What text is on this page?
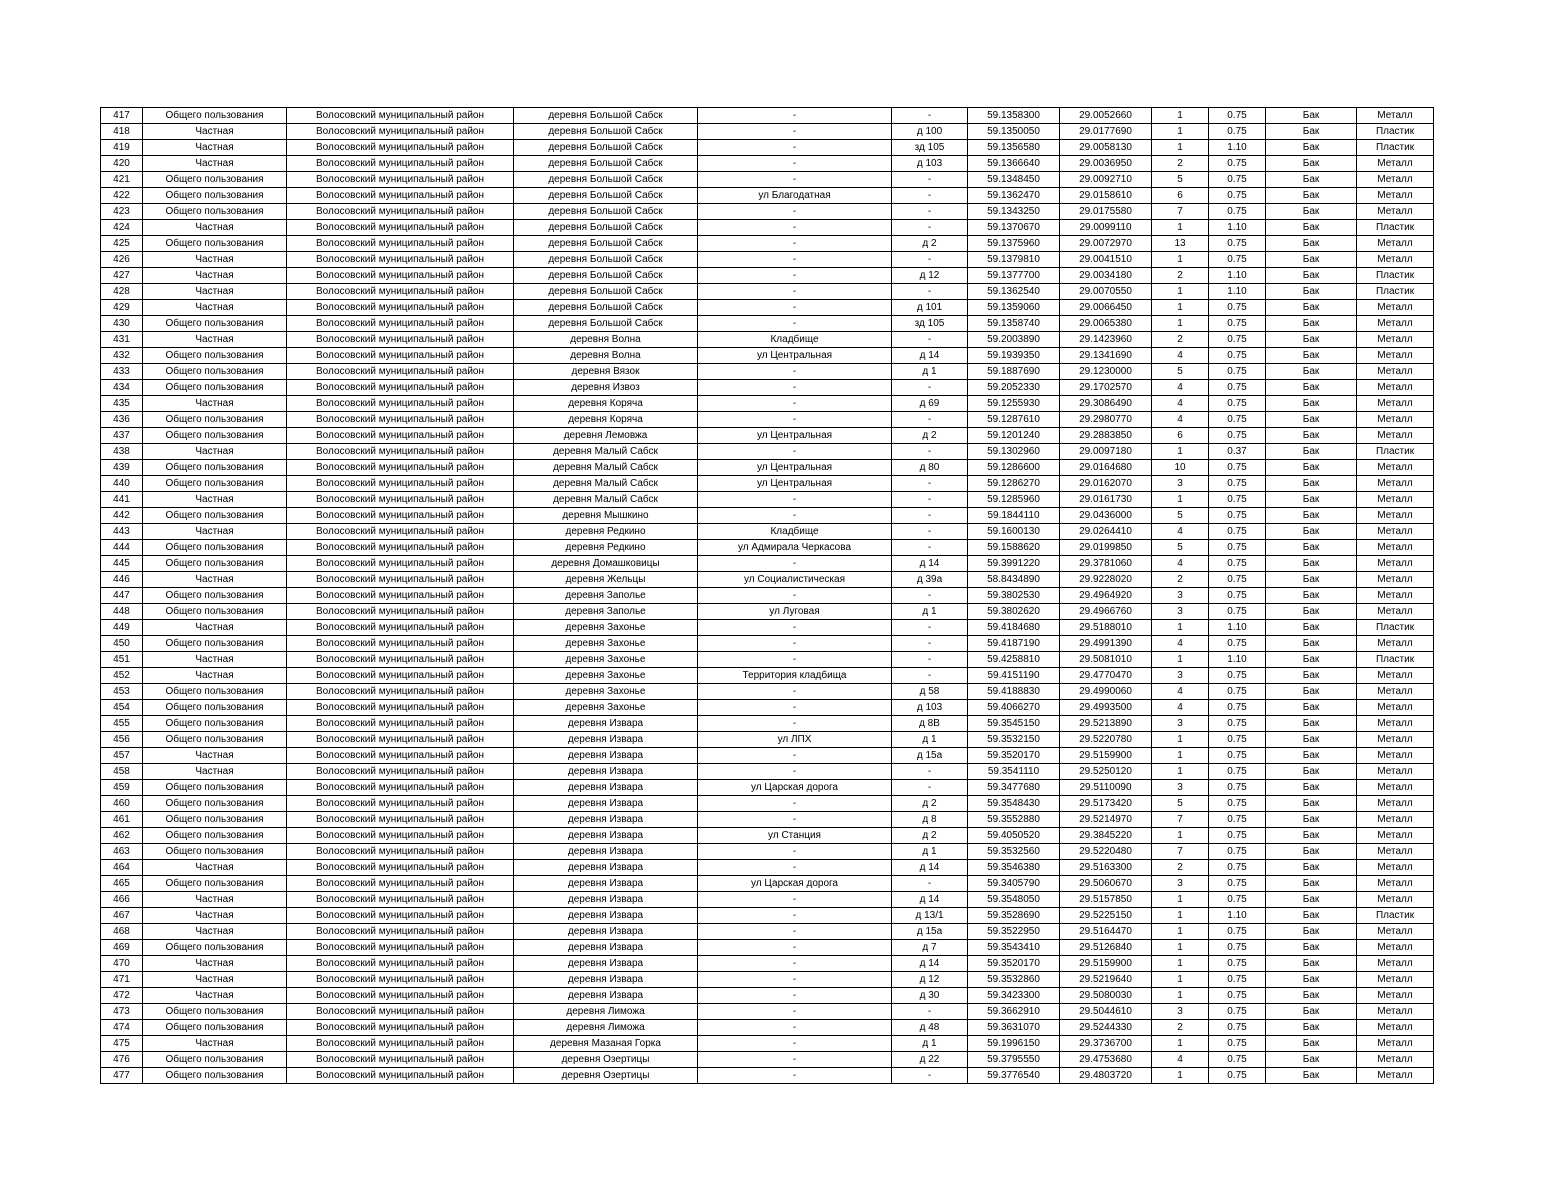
417	Общего пользования	Волосовский муниципальный район	деревня Большой Сабск	-	-	59.1358300	29.0052660	1	0.75	Бак	Металл
418	Частная	Волосовский муниципальный район	деревня Большой Сабск	-	д 100	59.1350050	29.0177690	1	0.75	Бак	Пластик
419	Частная	Волосовский муниципальный район	деревня Большой Сабск	-	зд 105	59.1356580	29.0058130	1	1.10	Бак	Пластик
420	Частная	Волосовский муниципальный район	деревня Большой Сабск	-	д 103	59.1366640	29.0036950	2	0.75	Бак	Металл
421	Общего пользования	Волосовский муниципальный район	деревня Большой Сабск	-	-	59.1348450	29.0092710	5	0.75	Бак	Металл
422	Общего пользования	Волосовский муниципальный район	деревня Большой Сабск	ул Благодатная	-	59.1362470	29.0158610	6	0.75	Бак	Металл
423	Общего пользования	Волосовский муниципальный район	деревня Большой Сабск	-	-	59.1343250	29.0175580	7	0.75	Бак	Металл
424	Частная	Волосовский муниципальный район	деревня Большой Сабск	-	-	59.1370670	29.0099110	1	1.10	Бак	Пластик
425	Общего пользования	Волосовский муниципальный район	деревня Большой Сабск	-	д 2	59.1375960	29.0072970	13	0.75	Бак	Металл
426	Частная	Волосовский муниципальный район	деревня Большой Сабск	-	-	59.1379810	29.0041510	1	0.75	Бак	Металл
427	Частная	Волосовский муниципальный район	деревня Большой Сабск	-	д 12	59.1377700	29.0034180	2	1.10	Бак	Пластик
428	Частная	Волосовский муниципальный район	деревня Большой Сабск	-	-	59.1362540	29.0070550	1	1.10	Бак	Пластик
429	Частная	Волосовский муниципальный район	деревня Большой Сабск	-	д 101	59.1359060	29.0066450	1	0.75	Бак	Металл
430	Общего пользования	Волосовский муниципальный район	деревня Большой Сабск	-	зд 105	59.1358740	29.0065380	1	0.75	Бак	Металл
431	Частная	Волосовский муниципальный район	деревня Волна	Кладбище	-	59.2003890	29.1423960	2	0.75	Бак	Металл
432	Общего пользования	Волосовский муниципальный район	деревня Волна	ул Центральная	д 14	59.1939350	29.1341690	4	0.75	Бак	Металл
433	Общего пользования	Волосовский муниципальный район	деревня Вязок	-	д 1	59.1887690	29.1230000	5	0.75	Бак	Металл
434	Общего пользования	Волосовский муниципальный район	деревня Извоз	-	-	59.2052330	29.1702570	4	0.75	Бак	Металл
435	Частная	Волосовский муниципальный район	деревня Коряча	-	д 69	59.1255930	29.3086490	4	0.75	Бак	Металл
436	Общего пользования	Волосовский муниципальный район	деревня Коряча	-	-	59.1287610	29.2980770	4	0.75	Бак	Металл
437	Общего пользования	Волосовский муниципальный район	деревня Лемовжа	ул Центральная	д 2	59.1201240	29.2883850	6	0.75	Бак	Металл
438	Частная	Волосовский муниципальный район	деревня Малый Сабск	-	-	59.1302960	29.0097180	1	0.37	Бак	Пластик
439	Общего пользования	Волосовский муниципальный район	деревня Малый Сабск	ул Центральная	д 80	59.1286600	29.0164680	10	0.75	Бак	Металл
440	Общего пользования	Волосовский муниципальный район	деревня Малый Сабск	ул Центральная	-	59.1286270	29.0162070	3	0.75	Бак	Металл
441	Частная	Волосовский муниципальный район	деревня Малый Сабск	-	-	59.1285960	29.0161730	1	0.75	Бак	Металл
442	Общего пользования	Волосовский муниципальный район	деревня Мышкино	-	-	59.1844110	29.0436000	5	0.75	Бак	Металл
443	Частная	Волосовский муниципальный район	деревня Редкино	Кладбище	-	59.1600130	29.0264410	4	0.75	Бак	Металл
444	Общего пользования	Волосовский муниципальный район	деревня Редкино	ул Адмирала Черкасова	-	59.1588620	29.0199850	5	0.75	Бак	Металл
445	Общего пользования	Волосовский муниципальный район	деревня Домашковицы	-	д 14	59.3991220	29.3781060	4	0.75	Бак	Металл
446	Частная	Волосовский муниципальный район	деревня Жельцы	ул Социалистическая	д 39а	58.8434890	29.9228020	2	0.75	Бак	Металл
447	Общего пользования	Волосовский муниципальный район	деревня Заполье	-	-	59.3802530	29.4964920	3	0.75	Бак	Металл
448	Общего пользования	Волосовский муниципальный район	деревня Заполье	ул Луговая	д 1	59.3802620	29.4966760	3	0.75	Бак	Металл
449	Частная	Волосовский муниципальный район	деревня Захонье	-	-	59.4184680	29.5188010	1	1.10	Бак	Пластик
450	Общего пользования	Волосовский муниципальный район	деревня Захонье	-	-	59.4187190	29.4991390	4	0.75	Бак	Металл
451	Частная	Волосовский муниципальный район	деревня Захонье	-	-	59.4258810	29.5081010	1	1.10	Бак	Пластик
452	Частная	Волосовский муниципальный район	деревня Захонье	Территория кладбища	-	59.4151190	29.4770470	3	0.75	Бак	Металл
453	Общего пользования	Волосовский муниципальный район	деревня Захонье	-	д 58	59.4188830	29.4990060	4	0.75	Бак	Металл
454	Общего пользования	Волосовский муниципальный район	деревня Захонье	-	д 103	59.4066270	29.4993500	4	0.75	Бак	Металл
455	Общего пользования	Волосовский муниципальный район	деревня Извара	-	д 8В	59.3545150	29.5213890	3	0.75	Бак	Металл
456	Общего пользования	Волосовский муниципальный район	деревня Извара	ул ЛПХ	д 1	59.3532150	29.5220780	1	0.75	Бак	Металл
457	Частная	Волосовский муниципальный район	деревня Извара	-	д 15а	59.3520170	29.5159900	1	0.75	Бак	Металл
458	Частная	Волосовский муниципальный район	деревня Извара	-	-	59.3541110	29.5250120	1	0.75	Бак	Металл
459	Общего пользования	Волосовский муниципальный район	деревня Извара	ул Царская дорога	-	59.3477680	29.5110090	3	0.75	Бак	Металл
460	Общего пользования	Волосовский муниципальный район	деревня Извара	-	д 2	59.3548430	29.5173420	5	0.75	Бак	Металл
461	Общего пользования	Волосовский муниципальный район	деревня Извара	-	д 8	59.3552880	29.5214970	7	0.75	Бак	Металл
462	Общего пользования	Волосовский муниципальный район	деревня Извара	ул Станция	д 2	59.4050520	29.3845220	1	0.75	Бак	Металл
463	Общего пользования	Волосовский муниципальный район	деревня Извара	-	д 1	59.3532560	29.5220480	7	0.75	Бак	Металл
464	Частная	Волосовский муниципальный район	деревня Извара	-	д 14	59.3546380	29.5163300	2	0.75	Бак	Металл
465	Общего пользования	Волосовский муниципальный район	деревня Извара	ул Царская дорога	-	59.3405790	29.5060670	3	0.75	Бак	Металл
466	Частная	Волосовский муниципальный район	деревня Извара	-	д 14	59.3548050	29.5157850	1	0.75	Бак	Металл
467	Частная	Волосовский муниципальный район	деревня Извара	-	д 13/1	59.3528690	29.5225150	1	1.10	Бак	Пластик
468	Частная	Волосовский муниципальный район	деревня Извара	-	д 15а	59.3522950	29.5164470	1	0.75	Бак	Металл
469	Общего пользования	Волосовский муниципальный район	деревня Извара	-	д 7	59.3543410	29.5126840	1	0.75	Бак	Металл
470	Частная	Волосовский муниципальный район	деревня Извара	-	д 14	59.3520170	29.5159900	1	0.75	Бак	Металл
471	Частная	Волосовский муниципальный район	деревня Извара	-	д 12	59.3532860	29.5219640	1	0.75	Бак	Металл
472	Частная	Волосовский муниципальный район	деревня Извара	-	д 30	59.3423300	29.5080030	1	0.75	Бак	Металл
473	Общего пользования	Волосовский муниципальный район	деревня Лиможа	-	-	59.3662910	29.5044610	3	0.75	Бак	Металл
474	Общего пользования	Волосовский муниципальный район	деревня Лиможа	-	д 48	59.3631070	29.5244330	2	0.75	Бак	Металл
475	Частная	Волосовский муниципальный район	деревня Мазаная Горка	-	д 1	59.1996150	29.3736700	1	0.75	Бак	Металл
476	Общего пользования	Волосовский муниципальный район	деревня Озертицы	-	д 22	59.3795550	29.4753680	4	0.75	Бак	Металл
477	Общего пользования	Волосовский муниципальный район	деревня Озертицы	-	-	59.3776540	29.4803720	1	0.75	Бак	Металл
